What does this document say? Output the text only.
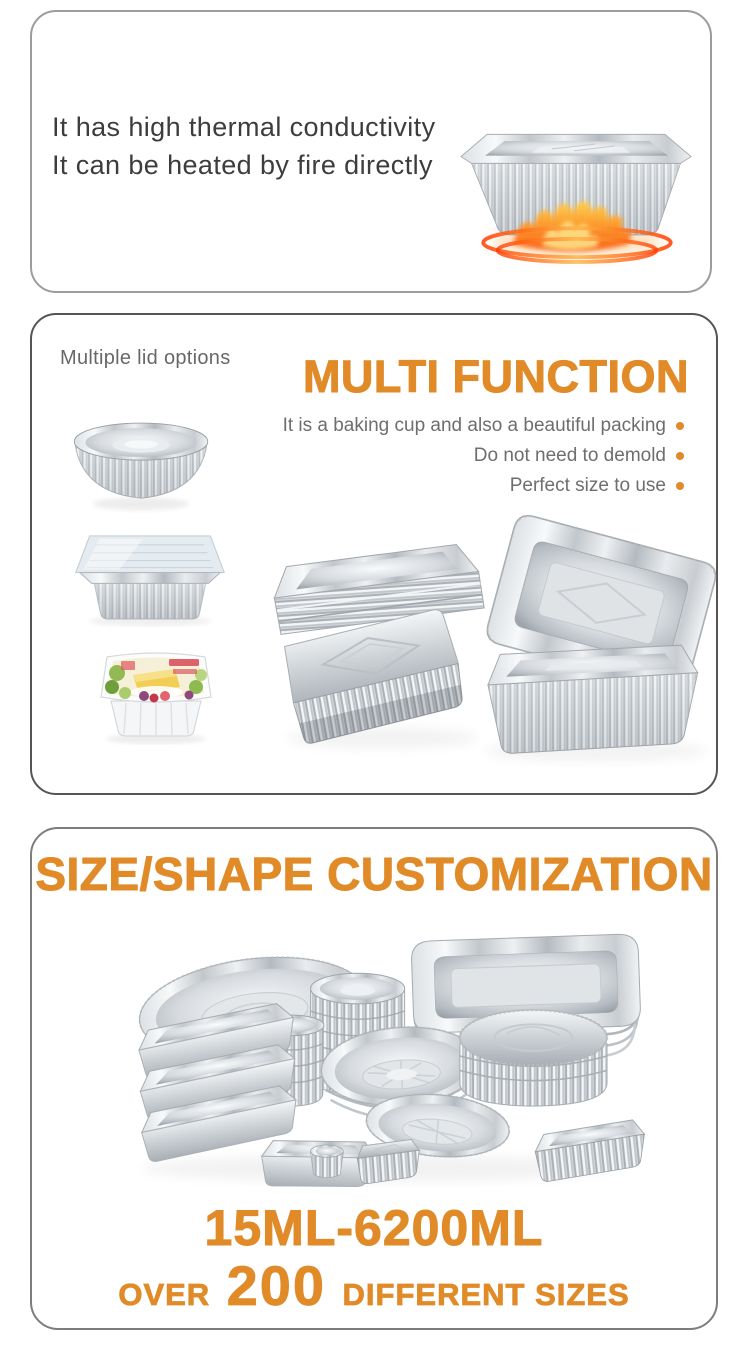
It has high thermal conductivity
It can be heated by fire directly
Multiple lid options MULTI FUNCTION
It is a baking cup and also a beautiful packing
Do not need to demold
Perfect size to use
SIZE/SHAPE CUSTOMIZATION
15ML-6200ML
OVER 200 DIFFERENT SIZES
